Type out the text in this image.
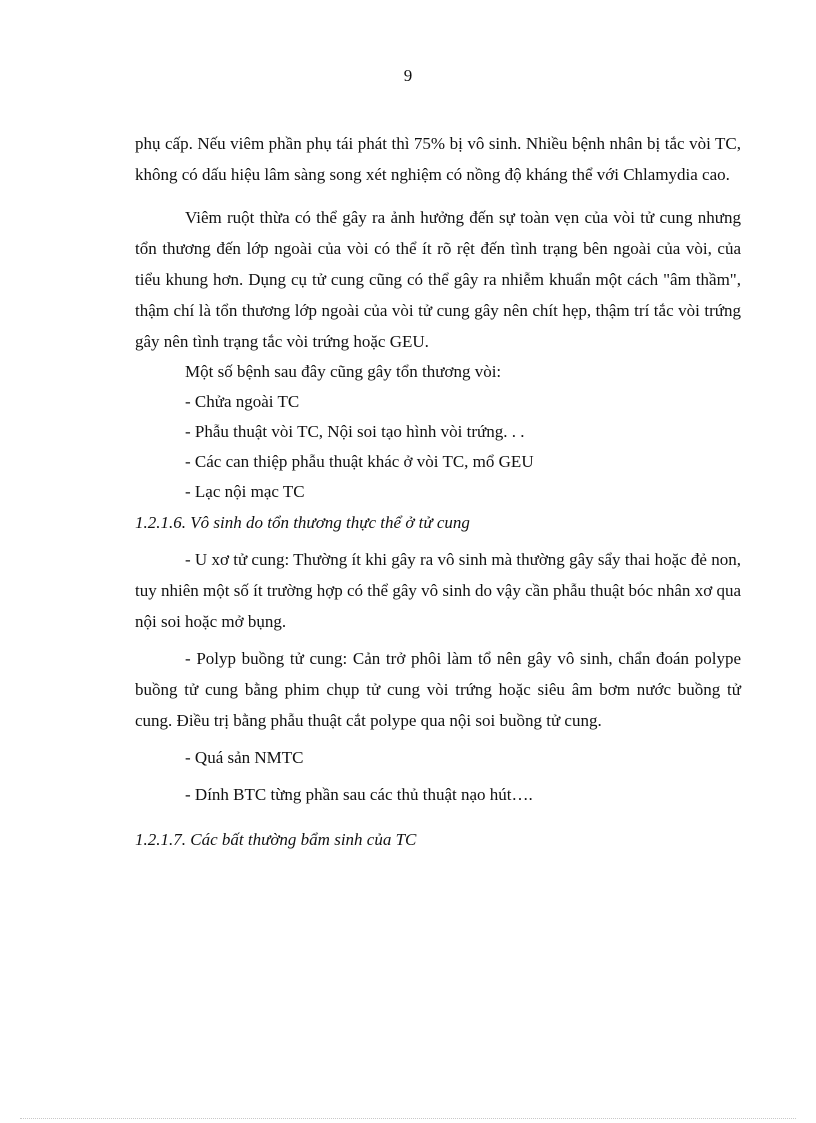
9

phụ cấp. Nếu viêm phần phụ tái phát thì 75% bị vô sinh. Nhiều bệnh nhân bị tắc vòi TC, không có dấu hiệu lâm sàng song xét nghiệm có nồng độ kháng thể với Chlamydia cao.

Viêm ruột thừa có thể gây ra ảnh hưởng đến sự toàn vẹn của vòi tử cung nhưng tổn thương đến lớp ngoài của vòi có thể ít rõ rệt đến tình trạng bên ngoài của vòi, của tiểu khung hơn. Dụng cụ tử cung cũng có thể gây ra nhiễm khuẩn một cách "âm thầm", thậm chí là tổn thương lớp ngoài của vòi tử cung gây nên chít hẹp, thậm trí tắc vòi trứng gây nên tình trạng tắc vòi trứng hoặc GEU.

Một số bệnh sau đây cũng gây tổn thương vòi:

- Chửa ngoài TC

- Phẫu thuật vòi TC, Nội soi tạo hình vòi trứng. . .

- Các can thiệp phẫu thuật khác ở vòi TC, mổ GEU

- Lạc nội mạc TC

1.2.1.6. Vô sinh do tổn thương thực thể ở tử cung

- U xơ tử cung: Thường ít khi gây ra vô sinh mà thường gây sẩy thai hoặc đẻ non, tuy nhiên một số ít trường hợp có thể gây vô sinh do vậy cần phẫu thuật bóc nhân xơ qua nội soi hoặc mở bụng.

- Polyp buồng tử cung: Cản trở phôi làm tổ nên gây vô sinh, chẩn đoán polype buồng tử cung bằng phim chụp tử cung vòi trứng hoặc siêu âm bơm nước buồng tử cung. Điều trị bằng phẫu thuật cắt polype qua nội soi buồng tử cung.

- Quá sản NMTC

- Dính BTC từng phần sau các thủ thuật nạo hút….

1.2.1.7. Các bất thường bẩm sinh của TC
